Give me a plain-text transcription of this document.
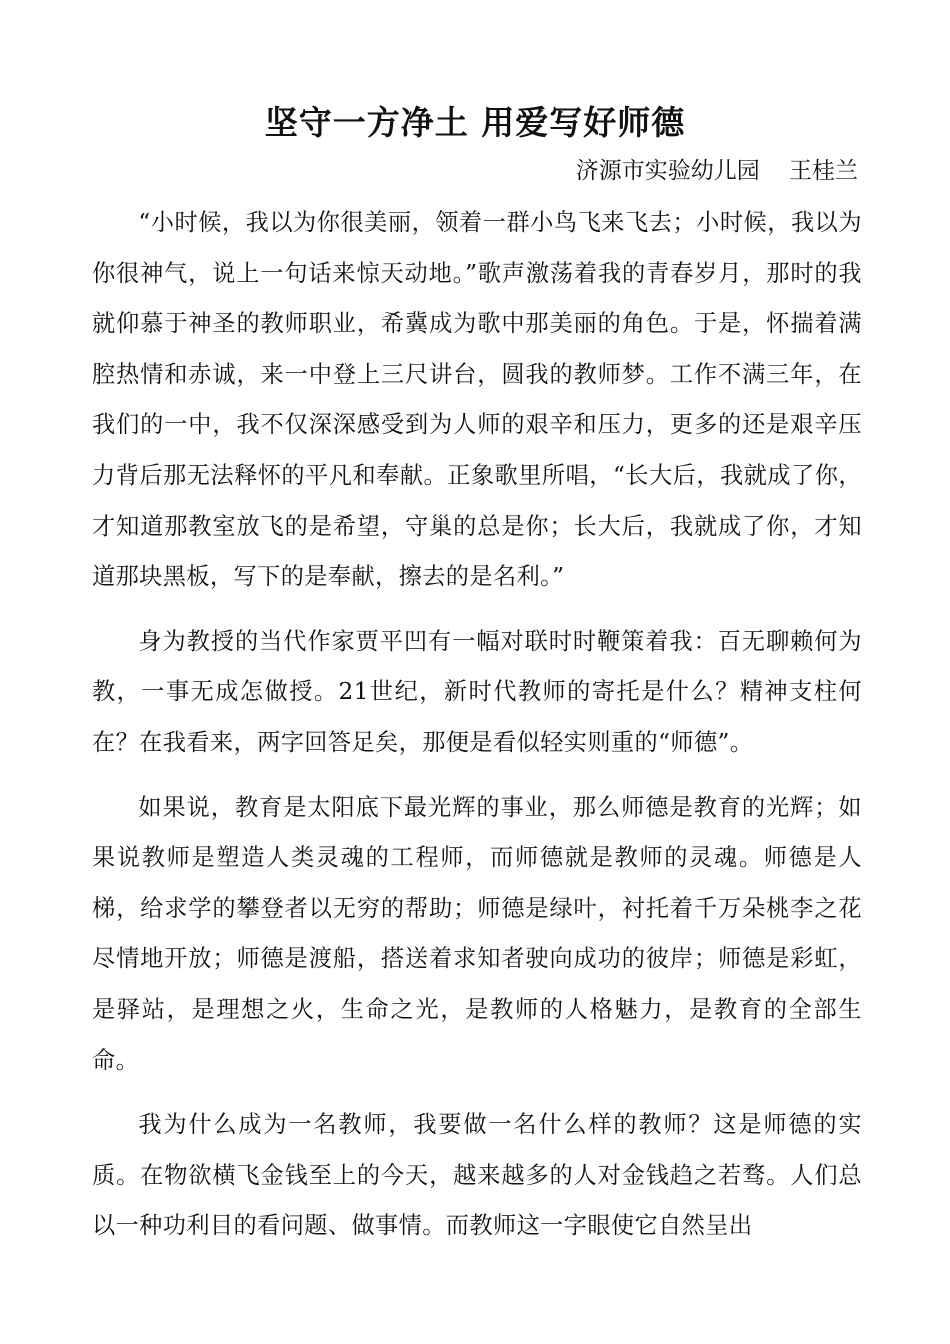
坚守一方净土 用爱写好师德
济源市实验幼儿园    王桂兰

“小时候，我以为你很美丽，领着一群小鸟飞来飞去；小时候，我以为你很神气，说上一句话来惊天动地。”歌声激荡着我的青春岁月，那时的我就仰慕于神圣的教师职业，希冀成为歌中那美丽的角色。于是，怀揣着满腔热情和赤诚，来一中登上三尺讲台，圆我的教师梦。工作不满三年，在我们的一中，我不仅深深感受到为人师的艰辛和压力，更多的还是艰辛压力背后那无法释怀的平凡和奉献。正象歌里所唱，“长大后，我就成了你，才知道那教室放飞的是希望，守巢的总是你；长大后，我就成了你，才知道那块黑板，写下的是奉献，擦去的是名利。”

身为教授的当代作家贾平凹有一幅对联时时鞭策着我：百无聊赖何为教，一事无成怎做授。21世纪，新时代教师的寄托是什么？精神支柱何在？在我看来，两字回答足矣，那便是看似轻实则重的“师德”。

如果说，教育是太阳底下最光辉的事业，那么师德是教育的光辉；如果说教师是塑造人类灵魂的工程师，而师德就是教师的灵魂。师德是人梯，给求学的攀登者以无穷的帮助；师德是绿叶，衬托着千万朵桃李之花尽情地开放；师德是渡船，搭送着求知者驶向成功的彼岸；师德是彩虹，是驿站，是理想之火，生命之光，是教师的人格魅力，是教育的全部生命。

我为什么成为一名教师，我要做一名什么样的教师？这是师德的实质。在物欲横飞金钱至上的今天，越来越多的人对金钱趋之若骛。人们总以一种功利目的看问题、做事情。而教师这一字眼使它自然呈出
